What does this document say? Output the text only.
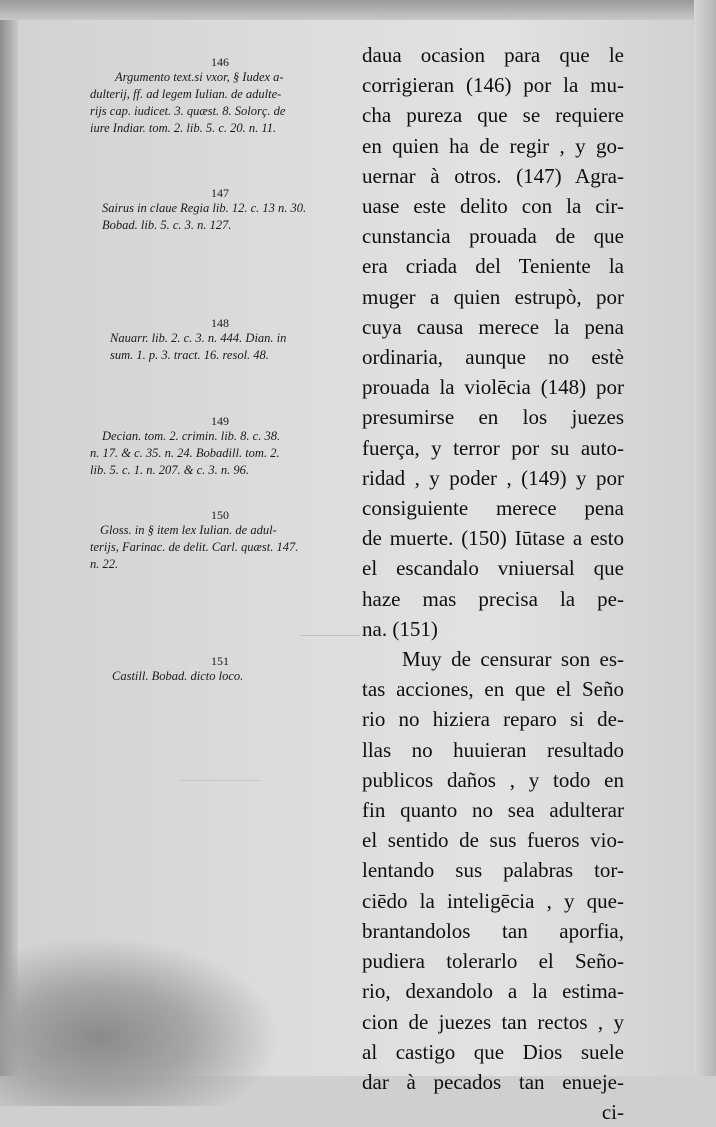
146
Argumento text.si vxor, § Iudex a-
dulterij, ff. ad legem Iulian. de adulte-
rijs cap. iudicet. 3. quæst. 8. Solorç. de
iure Indiar. tom. 2. lib. 5. c. 20. n. 11.
147
Sairus in claue Regia lib. 12. c. 13 n. 30.
Bobad. lib. 5. c. 3. n. 127.
148
Nauarr. lib. 2. c. 3. n. 444. Dian. in
sum. 1. p. 3. tract. 16. resol. 48.
149
Decian. tom. 2. crimin. lib. 8. c. 38.
n. 17. & c. 35. n. 24. Bobadill. tom. 2.
lib. 5. c. 1. n. 207. & c. 3. n. 96.
150
Gloss. in § item lex Iulian. de adul-
terijs, Farinac. de delit. Carl. quæst. 147.
n. 22.
151
Castill. Bobad. dicto loco.
daua ocasion para que le
corrigieran (146) por la mu-
cha pureza que se requiere
en quien ha de regir , y go-
uernar à otros. (147) Agra-
uase este delito con la cir-
cunstancia prouada de que
era criada del Teniente la
muger a quien estrupò, por
cuya causa merece la pena
ordinaria, aunque no estè
prouada la violēcia (148) por
presumirse en los juezes
fuerça, y terror por su auto-
ridad , y poder , (149) y por
consiguiente merece pena
de muerte. (150) Iūtase a esto
el escandalo vniuersal que
haze mas precisa la pe-
na. (151)
Muy de censurar son es-
tas acciones, en que el Seño
rio no hiziera reparo si de-
llas no huuieran resultado
publicos daños , y todo en
fin quanto no sea adulterar
el sentido de sus fueros vio-
lentando sus palabras tor-
ciēdo la inteligēcia , y que-
brantandolos tan aporfia,
pudiera tolerarlo el Seño-
rio, dexandolo a la estima-
cion de juezes tan rectos , y
al castigo que Dios suele
dar à pecados tan enueje-
ci-
